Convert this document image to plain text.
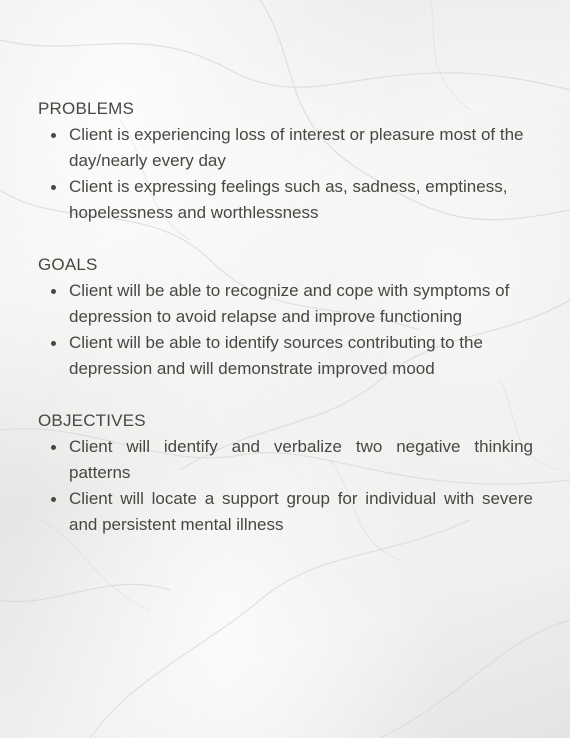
PROBLEMS
Client is experiencing loss of interest or pleasure most of the day/nearly every day
Client is expressing feelings such as, sadness, emptiness, hopelessness and worthlessness
GOALS
Client will be able to recognize and cope with symptoms of depression to avoid relapse and improve functioning
Client will be able to identify sources contributing to the depression and will demonstrate improved mood
OBJECTIVES
Client will identify and verbalize two negative thinking patterns
Client will locate a support group for individual with severe and persistent mental illness
